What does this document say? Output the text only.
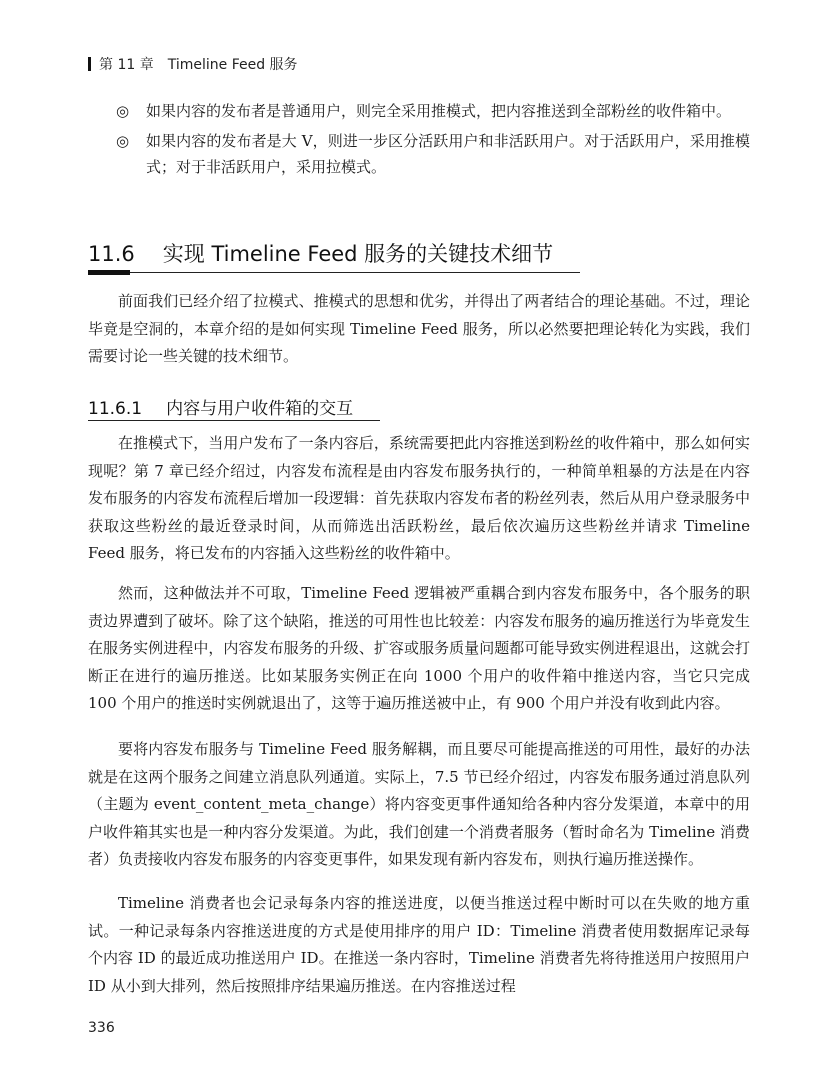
第 11 章 Timeline Feed 服务
◎ 如果内容的发布者是普通用户，则完全采用推模式，把内容推送到全部粉丝的收件箱中。
◎ 如果内容的发布者是大 V，则进一步区分活跃用户和非活跃用户。对于活跃用户，采用推模式；对于非活跃用户，采用拉模式。
11.6 实现 Timeline Feed 服务的关键技术细节
前面我们已经介绍了拉模式、推模式的思想和优劣，并得出了两者结合的理论基础。不过，理论毕竟是空洞的，本章介绍的是如何实现 Timeline Feed 服务，所以必然要把理论转化为实践，我们需要讨论一些关键的技术细节。
11.6.1 内容与用户收件箱的交互
在推模式下，当用户发布了一条内容后，系统需要把此内容推送到粉丝的收件箱中，那么如何实现呢？第 7 章已经介绍过，内容发布流程是由内容发布服务执行的，一种简单粗暴的方法是在内容发布服务的内容发布流程后增加一段逻辑：首先获取内容发布者的粉丝列表，然后从用户登录服务中获取这些粉丝的最近登录时间，从而筛选出活跃粉丝，最后依次遍历这些粉丝并请求 Timeline Feed 服务，将已发布的内容插入这些粉丝的收件箱中。
然而，这种做法并不可取，Timeline Feed 逻辑被严重耦合到内容发布服务中，各个服务的职责边界遭到了破坏。除了这个缺陷，推送的可用性也比较差：内容发布服务的遍历推送行为毕竟发生在服务实例进程中，内容发布服务的升级、扩容或服务质量问题都可能导致实例进程退出，这就会打断正在进行的遍历推送。比如某服务实例正在向 1000 个用户的收件箱中推送内容，当它只完成 100 个用户的推送时实例就退出了，这等于遍历推送被中止，有 900 个用户并没有收到此内容。
要将内容发布服务与 Timeline Feed 服务解耦，而且要尽可能提高推送的可用性，最好的办法就是在这两个服务之间建立消息队列通道。实际上，7.5 节已经介绍过，内容发布服务通过消息队列（主题为 event_content_meta_change）将内容变更事件通知给各种内容分发渠道，本章中的用户收件箱其实也是一种内容分发渠道。为此，我们创建一个消费者服务（暂时命名为 Timeline 消费者）负责接收内容发布服务的内容变更事件，如果发现有新内容发布，则执行遍历推送操作。
Timeline 消费者也会记录每条内容的推送进度，以便当推送过程中断时可以在失败的地方重试。一种记录每条内容推送进度的方式是使用排序的用户 ID：Timeline 消费者使用数据库记录每个内容 ID 的最近成功推送用户 ID。在推送一条内容时，Timeline 消费者先将待推送用户按照用户 ID 从小到大排列，然后按照排序结果遍历推送。在内容推送过程
336
